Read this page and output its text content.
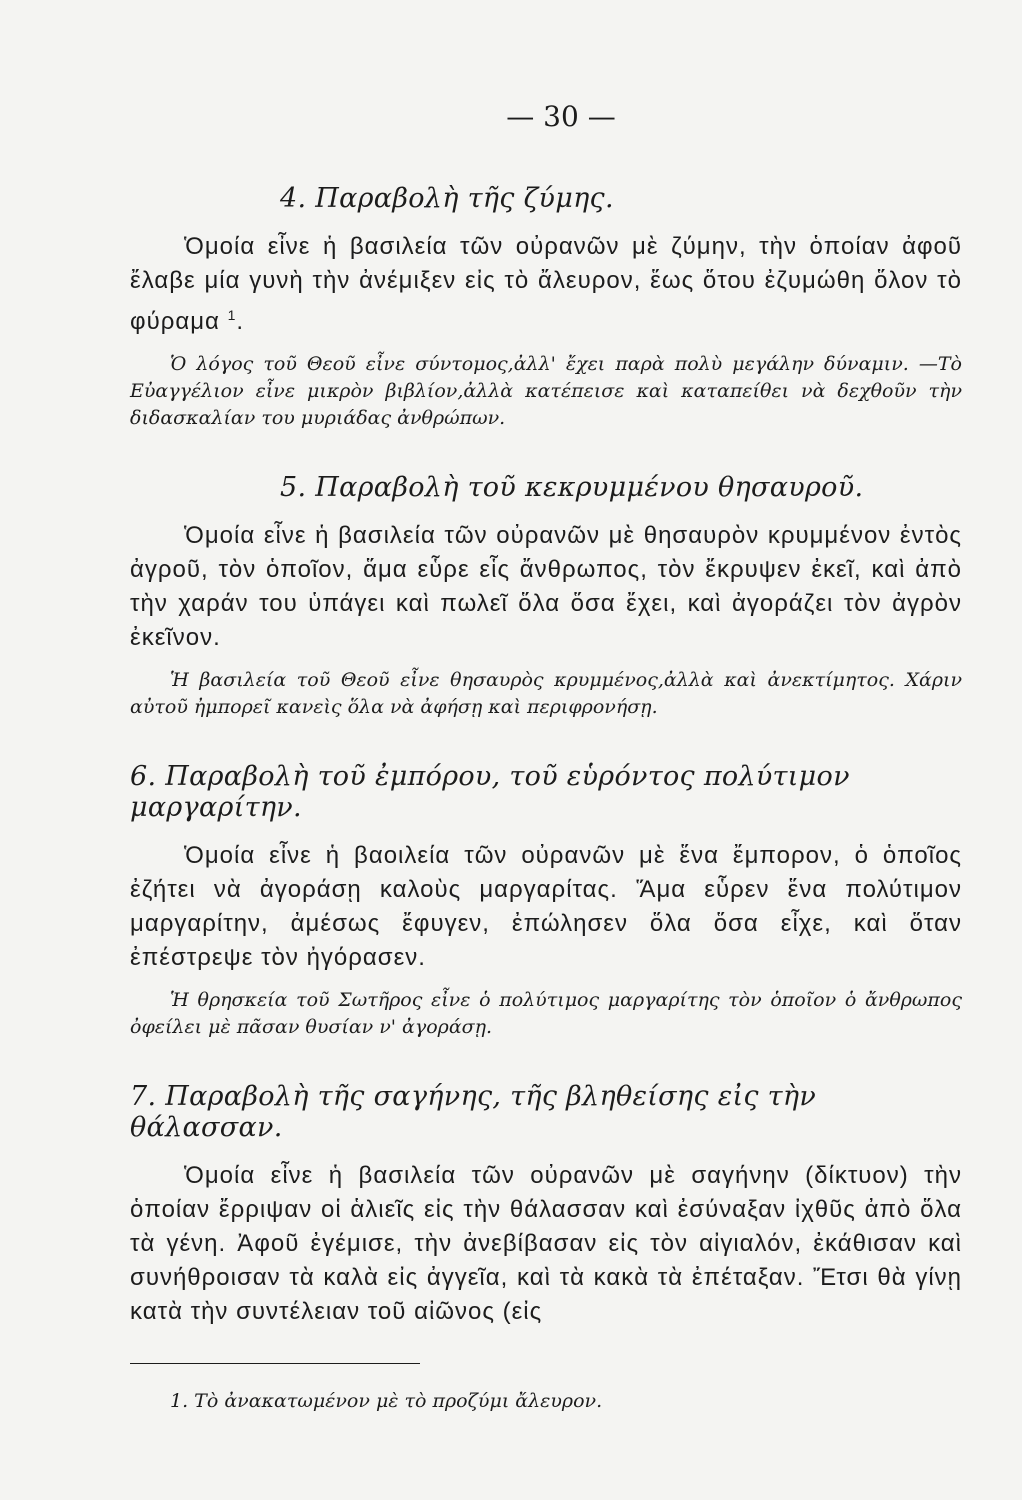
— 30 —
4. Παραβολὴ τῆς ζύμης.

Ὁμοία εἶνε ἡ βασιλεία τῶν οὐρανῶν μὲ ζύμην, τὴν ὁποίαν ἀφοῦ ἔλαβε μία γυνὴ τὴν ἀνέμιξεν εἰς τὸ ἄλευρον, ἕως ὅτου ἐζυμώθη ὅλον τὸ φύραμα $^1$.

Ὁ λόγος τοῦ Θεοῦ εἶνε σύντομος,ἀλλ' ἔχει παρὰ πολὺ μεγάλην δύναμιν. —Τὸ Εὐαγγέλιον εἶνε μικρὸν βιβλίον,ἀλλὰ κατέπεισε καὶ καταπείθει νὰ δεχθοῦν τὴν διδασκαλίαν του μυριάδας ἀνθρώπων.

5. Παραβολὴ τοῦ κεκρυμμένου θησαυροῦ.

Ὁμοία εἶνε ἡ βασιλεία τῶν οὐρανῶν μὲ θησαυρὸν κρυμμένον ἐντὸς ἀγροῦ, τὸν ὁποῖον, ἅμα εὗρε εἷς ἄνθρωπος, τὸν ἔκρυψεν ἐκεῖ, καὶ ἀπὸ τὴν χαράν του ὑπάγει καὶ πωλεῖ ὅλα ὅσα ἔχει, καὶ ἀγοράζει τὸν ἀγρὸν ἐκεῖνον.

Ἡ βασιλεία τοῦ Θεοῦ εἶνε θησαυρὸς κρυμμένος,ἀλλὰ καὶ ἀνεκτίμητος. Χάριν αὐτοῦ ἠμπορεῖ κανεὶς ὅλα νὰ ἀφήσῃ καὶ περιφρονήσῃ.

6. Παραβολὴ τοῦ ἐμπόρου, τοῦ εὑρόντος πολύτιμον μαργαρίτην.

Ὁμοία εἶνε ἡ βαοιλεία τῶν οὐρανῶν μὲ ἕνα ἔμπορον, ὁ ὁποῖος ἐζήτει νὰ ἀγοράσῃ καλοὺς μαργαρίτας. Ἅμα εὗρεν ἕνα πολύτιμον μαργαρίτην, ἀμέσως ἔφυγεν, ἐπώλησεν ὅλα ὅσα εἶχε, καὶ ὅταν ἐπέστρεψε τὸν ἠγόρασεν.

Ἡ θρησκεία τοῦ Σωτῆρος εἶνε ὁ πολύτιμος μαργαρίτης τὸν ὁποῖον ὁ ἄνθρωπος ὀφείλει μὲ πᾶσαν θυσίαν ν' ἀγοράσῃ.

7. Παραβολὴ τῆς σαγήνης, τῆς βληθείσης εἰς τὴν θάλασσαν.

Ὁμοία εἶνε ἡ βασιλεία τῶν οὐρανῶν μὲ σαγήνην (δίκτυον) τὴν ὁποίαν ἔρριψαν οἱ ἁλιεῖς εἰς τὴν θάλασσαν καὶ ἐσύναξαν ἰχθῦς ἀπὸ ὅλα τὰ γένη. Ἀφοῦ ἐγέμισε, τὴν ἀνεβίβασαν εἰς τὸν αἰγιαλόν, ἐκάθισαν καὶ συνήθροισαν τὰ καλὰ εἰς ἀγγεῖα, καὶ τὰ κακὰ τὰ ἐπέταξαν. Ἔτσι θὰ γίνῃ κατὰ τὴν συντέλειαν τοῦ αἰῶνος (εἰς

1. Τὸ ἀνακατωμένον μὲ τὸ προζύμι ἄλευρον.
